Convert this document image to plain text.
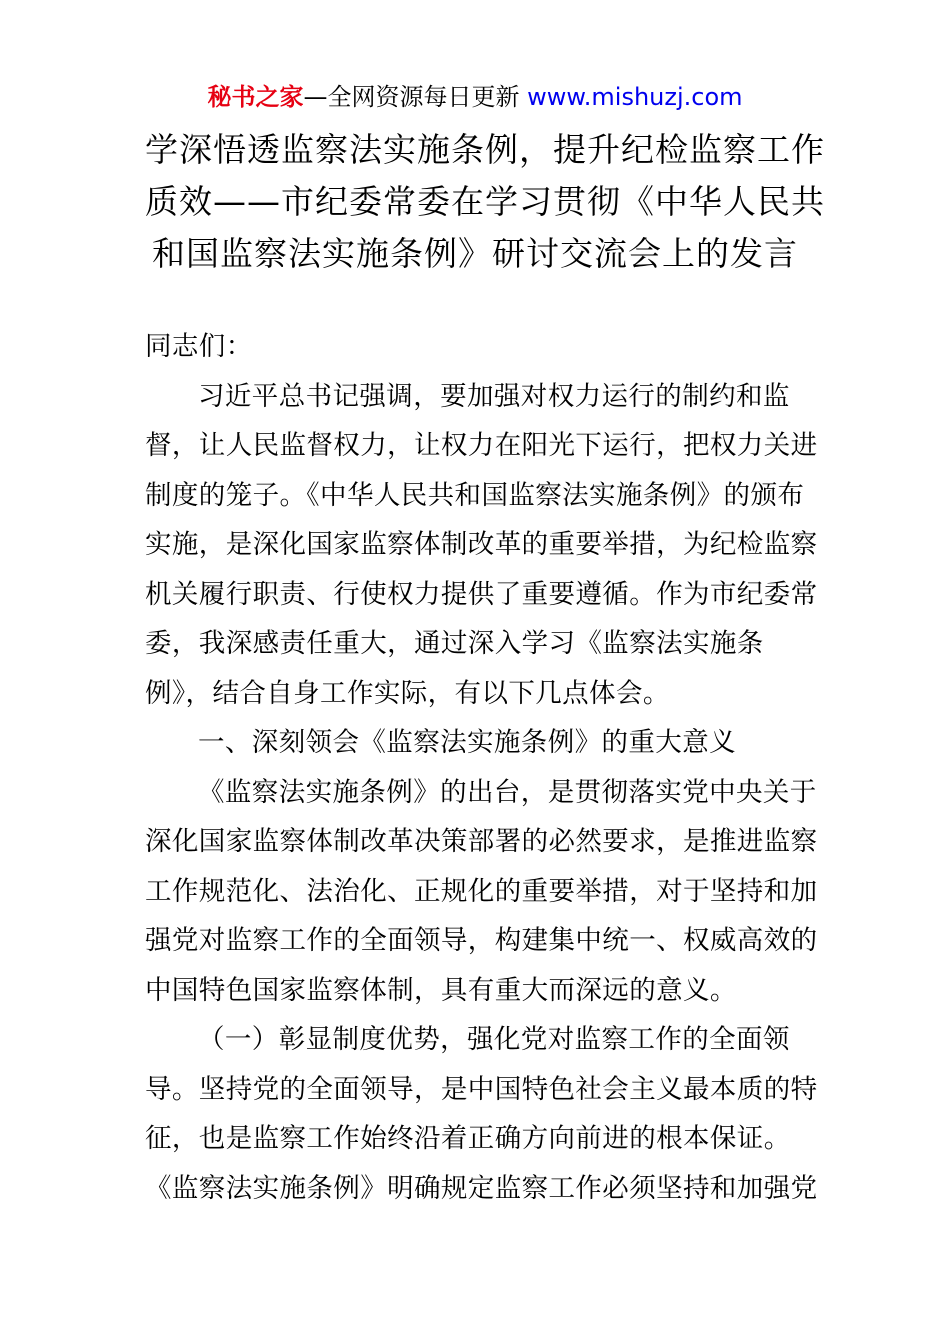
秘书之家—全网资源每日更新 www.mishuzj.com
学深悟透监察法实施条例，提升纪检监察工作
质效——市纪委常委在学习贯彻《中华人民共
和国监察法实施条例》研讨交流会上的发言
同志们：
习近平总书记强调，要加强对权力运行的制约和监
督，让人民监督权力，让权力在阳光下运行，把权力关进
制度的笼子。《中华人民共和国监察法实施条例》的颁布
实施，是深化国家监察体制改革的重要举措，为纪检监察
机关履行职责、行使权力提供了重要遵循。作为市纪委常
委，我深感责任重大，通过深入学习《监察法实施条
例》，结合自身工作实际，有以下几点体会。
一、深刻领会《监察法实施条例》的重大意义
《监察法实施条例》的出台，是贯彻落实党中央关于
深化国家监察体制改革决策部署的必然要求，是推进监察
工作规范化、法治化、正规化的重要举措，对于坚持和加
强党对监察工作的全面领导，构建集中统一、权威高效的
中国特色国家监察体制，具有重大而深远的意义。
（一）彰显制度优势，强化党对监察工作的全面领
导。坚持党的全面领导，是中国特色社会主义最本质的特
征，也是监察工作始终沿着正确方向前进的根本保证。
《监察法实施条例》明确规定监察工作必须坚持和加强党
